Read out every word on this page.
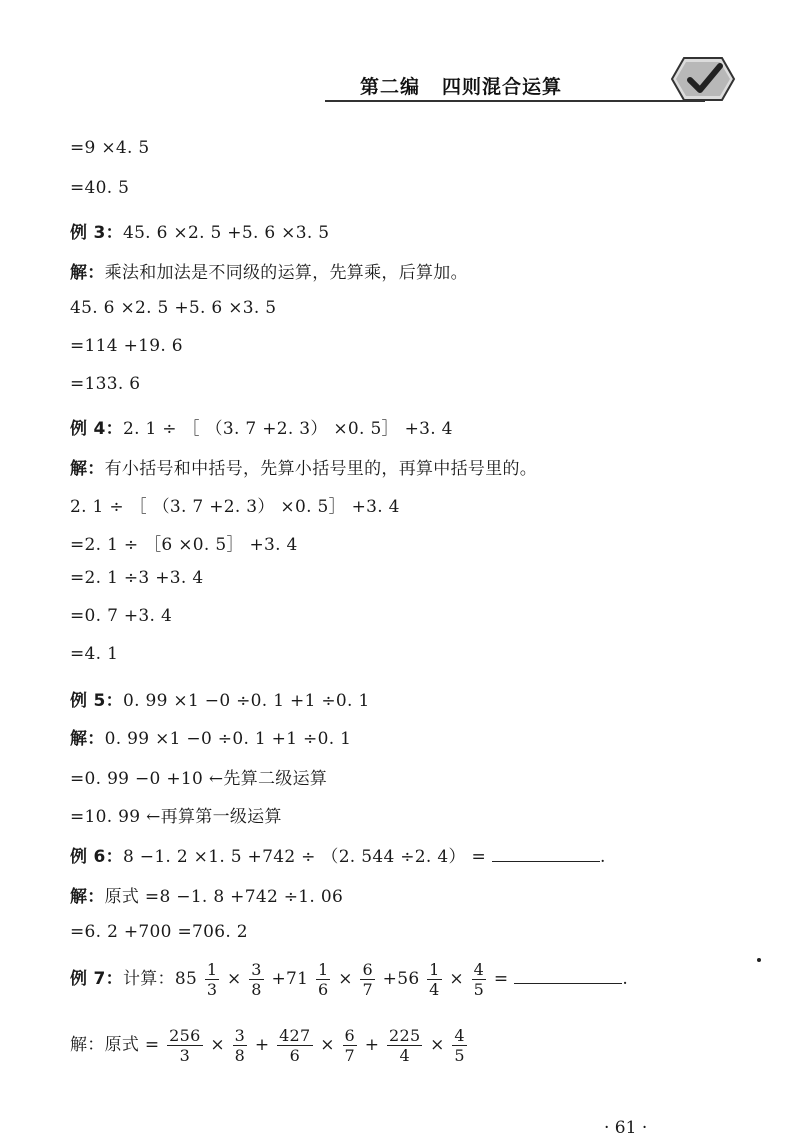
第二编 四则混合运算
=9 ×4. 5
=40. 5
例 3：45. 6 ×2. 5 +5. 6 ×3. 5
解：乘法和加法是不同级的运算，先算乘，后算加。
45. 6 ×2. 5 +5. 6 ×3. 5
=114 +19. 6
=133. 6
例 4：2. 1 ÷ ［ （3. 7 +2. 3） ×0. 5］ +3. 4
解：有小括号和中括号，先算小括号里的，再算中括号里的。
2. 1 ÷ ［ （3. 7 +2. 3） ×0. 5］ +3. 4
=2. 1 ÷ ［6 ×0. 5］ +3. 4
=2. 1 ÷3 +3. 4
=0. 7 +3. 4
=4. 1
例 5：0. 99 ×1 −0 ÷0. 1 +1 ÷0. 1
解：0. 99 ×1 −0 ÷0. 1 +1 ÷0. 1
=0. 99 −0 +10 ←先算二级运算
=10. 99 ←再算第一级运算
例 6：8 −1. 2 ×1. 5 +742 ÷ （2. 544 ÷2. 4） =	.
解：原式 =8 −1. 8 +742 ÷1. 06
=6. 2 +700 =706. 2
例 7：计算：$85 \frac{1}{3} \times \frac{3}{8} +71 \frac{1}{6} \times \frac{6}{7} +56 \frac{1}{4} \times \frac{4}{5}$ =	.
解：原式 = $\frac{256}{3} \times \frac{3}{8} + \frac{427}{6} \times \frac{6}{7} + \frac{225}{4} \times \frac{4}{5}$
· 61 ·
